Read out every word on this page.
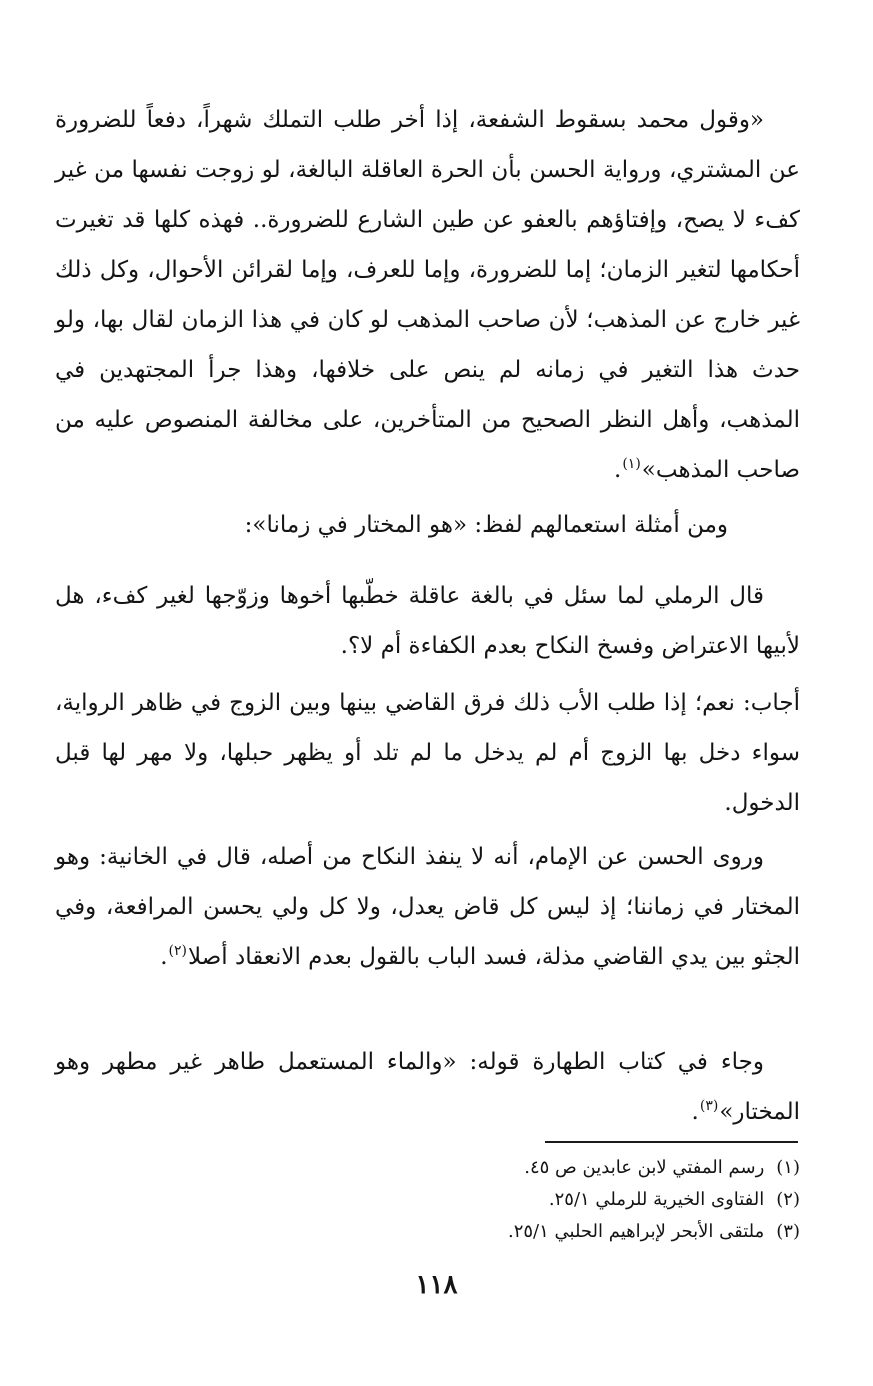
«وقول محمد بسقوط الشفعة، إذا أخر طلب التملك شهراً، دفعاً للضرورة عن المشتري، ورواية الحسن بأن الحرة العاقلة البالغة، لو زوجت نفسها من غير كفء لا يصح، وإفتاؤهم بالعفو عن طين الشارع للضرورة.. فهذه كلها قد تغيرت أحكامها لتغير الزمان؛ إما للضرورة، وإما للعرف، وإما لقرائن الأحوال، وكل ذلك غير خارج عن المذهب؛ لأن صاحب المذهب لو كان في هذا الزمان لقال بها، ولو حدث هذا التغير في زمانه لم ينص على خلافها، وهذا جرأ المجتهدين في المذهب، وأهل النظر الصحيح من المتأخرين، على مخالفة المنصوص عليه من صاحب المذهب»$^{(١)}$.

ومن أمثلة استعمالهم لفظ: «هو المختار في زمانا»:

قال الرملي لما سئل في بالغة عاقلة خطّبها أخوها وزوّجها لغير كفء، هل لأبيها الاعتراض وفسخ النكاح بعدم الكفاءة أم لا؟.

أجاب: نعم؛ إذا طلب الأب ذلك فرق القاضي بينها وبين الزوج في ظاهر الرواية، سواء دخل بها الزوج أم لم يدخل ما لم تلد أو يظهر حبلها، ولا مهر لها قبل الدخول.

وروى الحسن عن الإمام، أنه لا ينفذ النكاح من أصله، قال في الخانية: وهو المختار في زماننا؛ إذ ليس كل قاض يعدل، ولا كل ولي يحسن المرافعة، وفي الجثو بين يدي القاضي مذلة، فسد الباب بالقول بعدم الانعقاد أصلا$^{(٢)}$.

وجاء في كتاب الطهارة قوله: «والماء المستعمل طاهر غير مطهر وهو المختار»$^{(٣)}$.

(١)رسم المفتي لابن عابدين ص ٤٥.
(٢)الفتاوى الخيرية للرملي ٢٥/١.
(٣)ملتقى الأبحر لإبراهيم الحلبي ٢٥/١.
١١٨
